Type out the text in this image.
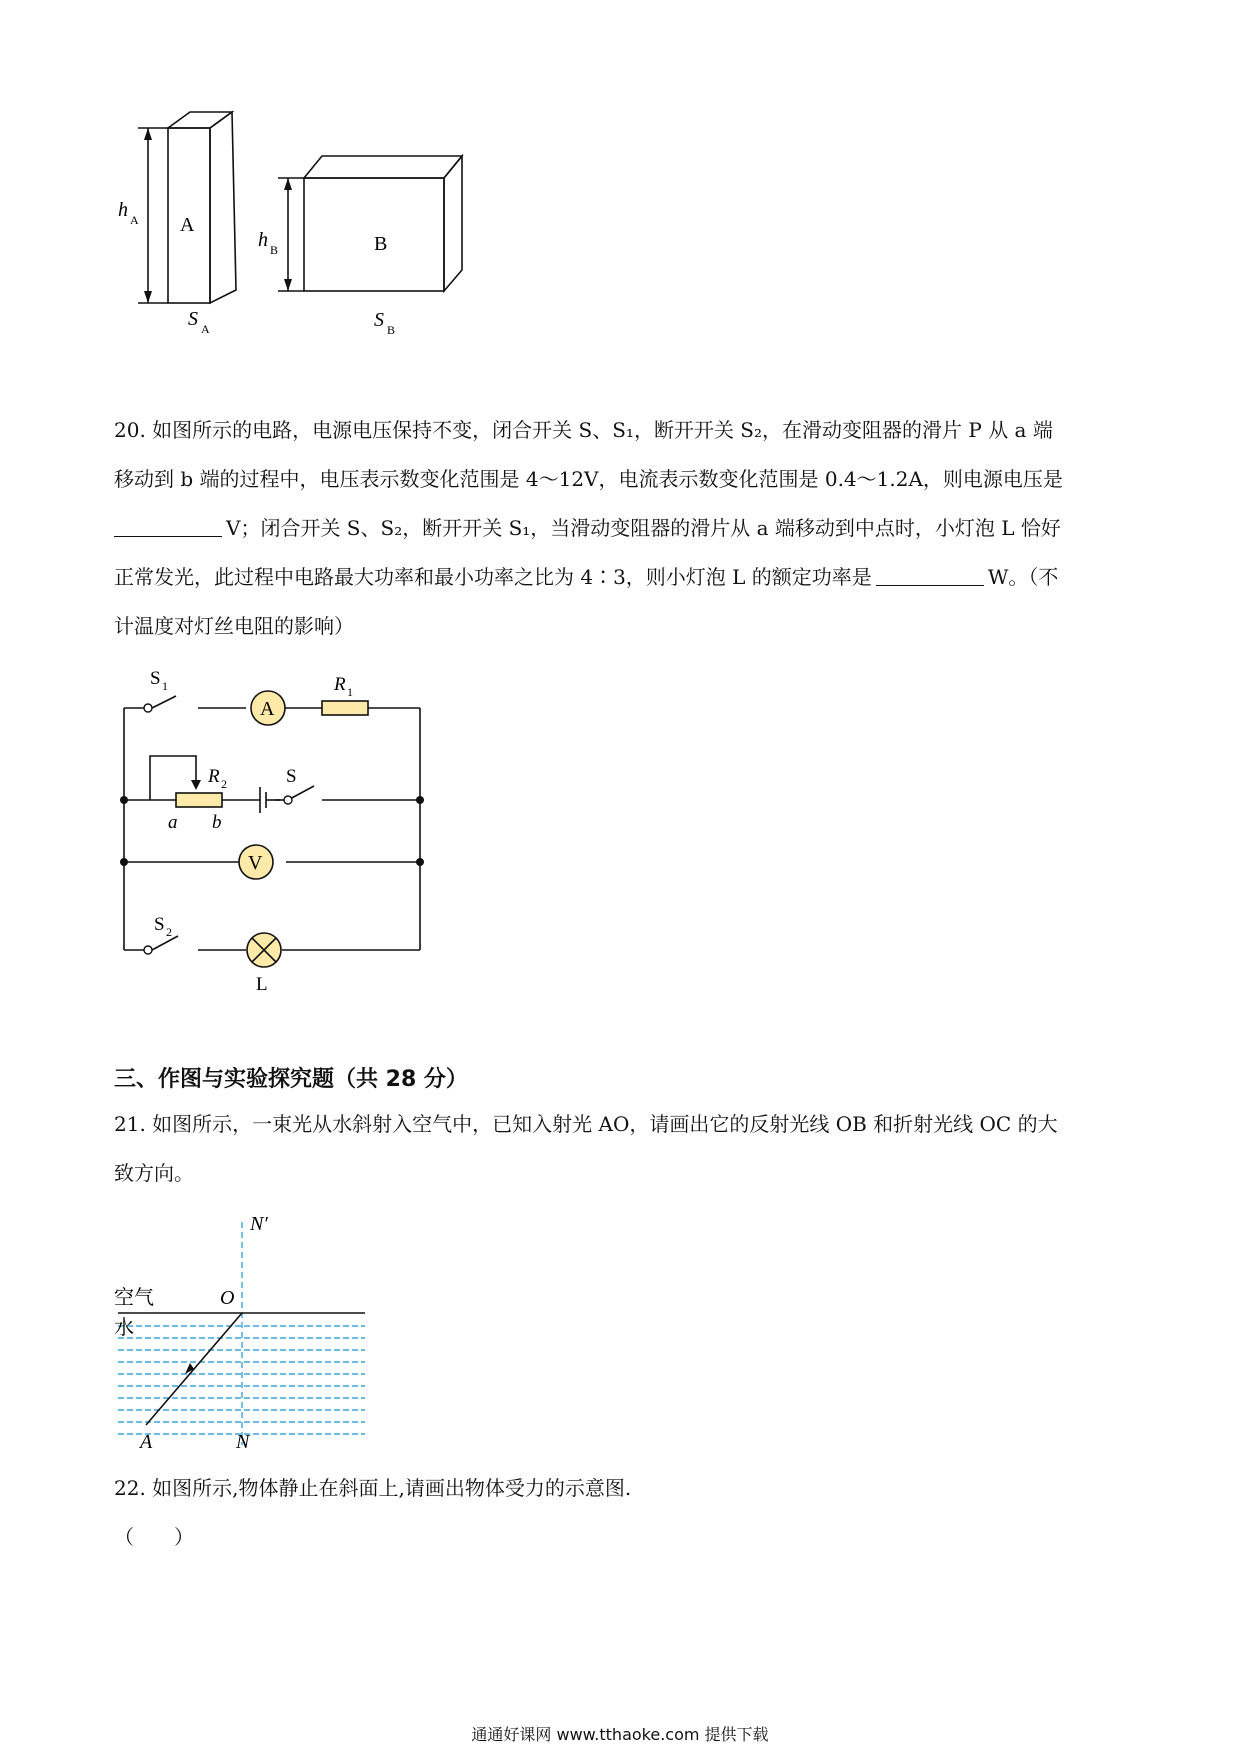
h A A
S A
h B	B
S B

20. 如图所示的电路，电源电压保持不变，闭合开关 S、S₁，断开开关 S₂，在滑动变阻器的滑片 P 从 a 端

移动到 b 端的过程中，电压表示数变化范围是 4～12V，电流表示数变化范围是 0.4～1.2A，则电源电压是

V；闭合开关 S、S₂，断开开关 S₁，当滑动变阻器的滑片从 a 端移动到中点时，小灯泡 L 恰好

正常发光，此过程中电路最大功率和最小功率之比为 4∶3，则小灯泡 L 的额定功率是	W。（不

计温度对灯丝电阻的影响）

A
V
S 1	R 1
R 2	S
a b
S 2
L
三、作图与实验探究题（共 28 分）

21. 如图所示，一束光从水斜射入空气中，已知入射光 AO，请画出它的反射光线 OB 和折射光线 OC 的大

致方向。

N′
空气	O
水
A	N

22. 如图所示,物体静止在斜面上,请画出物体受力的示意图.

（　　）

通通好课网 www.tthaoke.com 提供下载
